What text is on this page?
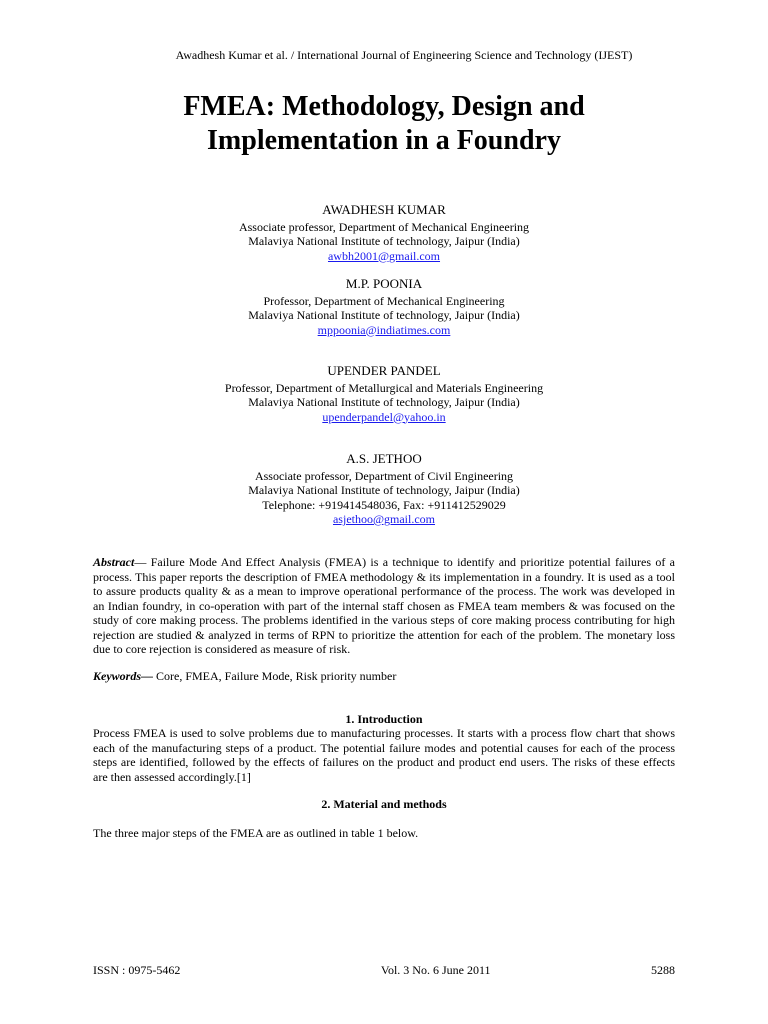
Awadhesh Kumar et al. / International Journal of Engineering Science and Technology (IJEST)
FMEA: Methodology, Design and
Implementation in a Foundry
AWADHESH KUMAR
Associate professor, Department of Mechanical Engineering
Malaviya National Institute of technology, Jaipur (India)
awbh2001@gmail.com
M.P. POONIA
Professor, Department of Mechanical Engineering
Malaviya National Institute of technology, Jaipur (India)
mppoonia@indiatimes.com
UPENDER PANDEL
Professor, Department of Metallurgical and Materials Engineering
Malaviya National Institute of technology, Jaipur (India)
upenderpandel@yahoo.in
A.S. JETHOO
Associate professor, Department of Civil Engineering
Malaviya National Institute of technology, Jaipur (India)
Telephone: +919414548036, Fax: +911412529029
asjethoo@gmail.com
Abstract— Failure Mode And Effect Analysis (FMEA) is a technique to identify and prioritize potential failures of a process. This paper reports the description of FMEA methodology & its implementation in a foundry. It is used as a tool to assure products quality & as a mean to improve operational performance of the process. The work was developed in an Indian foundry, in co-operation with part of the internal staff chosen as FMEA team members & was focused on the study of core making process. The problems identified in the various steps of core making process contributing for high rejection are studied & analyzed in terms of RPN to prioritize the attention for each of the problem. The monetary loss due to core rejection is considered as measure of risk.
Keywords— Core, FMEA, Failure Mode, Risk priority number
1. Introduction
Process FMEA is used to solve problems due to manufacturing processes. It starts with a process flow chart that shows each of the manufacturing steps of a product. The potential failure modes and potential causes for each of the process steps are identified, followed by the effects of failures on the product and product end users. The risks of these effects are then assessed accordingly.[1]
2. Material and methods
The three major steps of the FMEA are as outlined in table 1 below.
ISSN : 0975-5462	Vol. 3 No. 6 June 2011	5288
